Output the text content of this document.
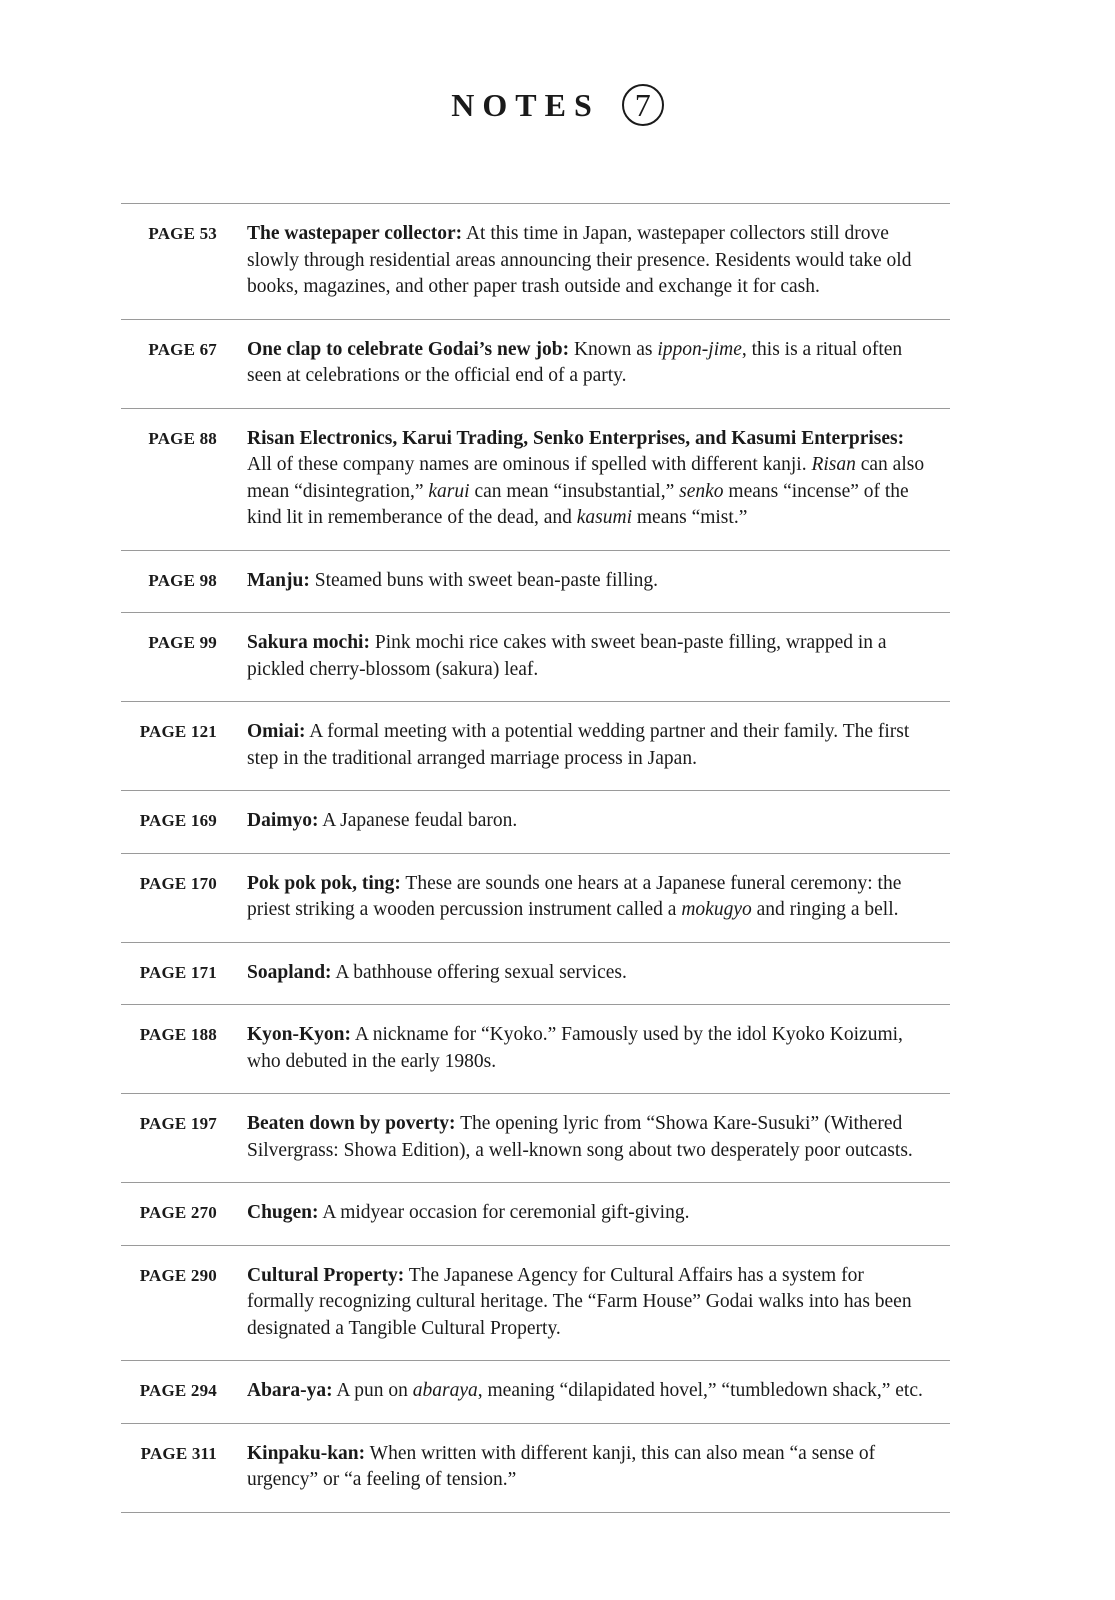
NOTES	7
PAGE 53 The wastepaper collector: At this time in Japan, wastepaper collectors still drove slowly through residential areas announcing their presence. Residents would take old books, magazines, and other paper trash outside and exchange it for cash.
PAGE 67 One clap to celebrate Godai’s new job: Known as ippon-jime, this is a ritual often seen at celebrations or the official end of a party.
PAGE 88 Risan Electronics, Karui Trading, Senko Enterprises, and Kasumi Enterprises: All of these company names are ominous if spelled with different kanji. Risan can also mean “disintegration,” karui can mean “insubstantial,” senko means “incense” of the kind lit in rememberance of the dead, and kasumi means “mist.”
PAGE 98 Manju: Steamed buns with sweet bean-paste filling.
PAGE 99 Sakura mochi: Pink mochi rice cakes with sweet bean-paste filling, wrapped in a pickled cherry-blossom (sakura) leaf.
PAGE 121 Omiai: A formal meeting with a potential wedding partner and their family. The first step in the traditional arranged marriage process in Japan.
PAGE 169 Daimyo: A Japanese feudal baron.
PAGE 170 Pok pok pok, ting: These are sounds one hears at a Japanese funeral ceremony: the priest striking a wooden percussion instrument called a mokugyo and ringing a bell.
PAGE 171 Soapland: A bathhouse offering sexual services.
PAGE 188 Kyon-Kyon: A nickname for “Kyoko.” Famously used by the idol Kyoko Koizumi, who debuted in the early 1980s.
PAGE 197 Beaten down by poverty: The opening lyric from “Showa Kare-Susuki” (Withered Silvergrass: Showa Edition), a well-known song about two desperately poor outcasts.
PAGE 270 Chugen: A midyear occasion for ceremonial gift-giving.
PAGE 290 Cultural Property: The Japanese Agency for Cultural Affairs has a system for formally recognizing cultural heritage. The “Farm House” Godai walks into has been designated a Tangible Cultural Property.
PAGE 294 Abara-ya: A pun on abaraya, meaning “dilapidated hovel,” “tumbledown shack,” etc.
PAGE 311 Kinpaku-kan: When written with different kanji, this can also mean “a sense of urgency” or “a feeling of tension.”
